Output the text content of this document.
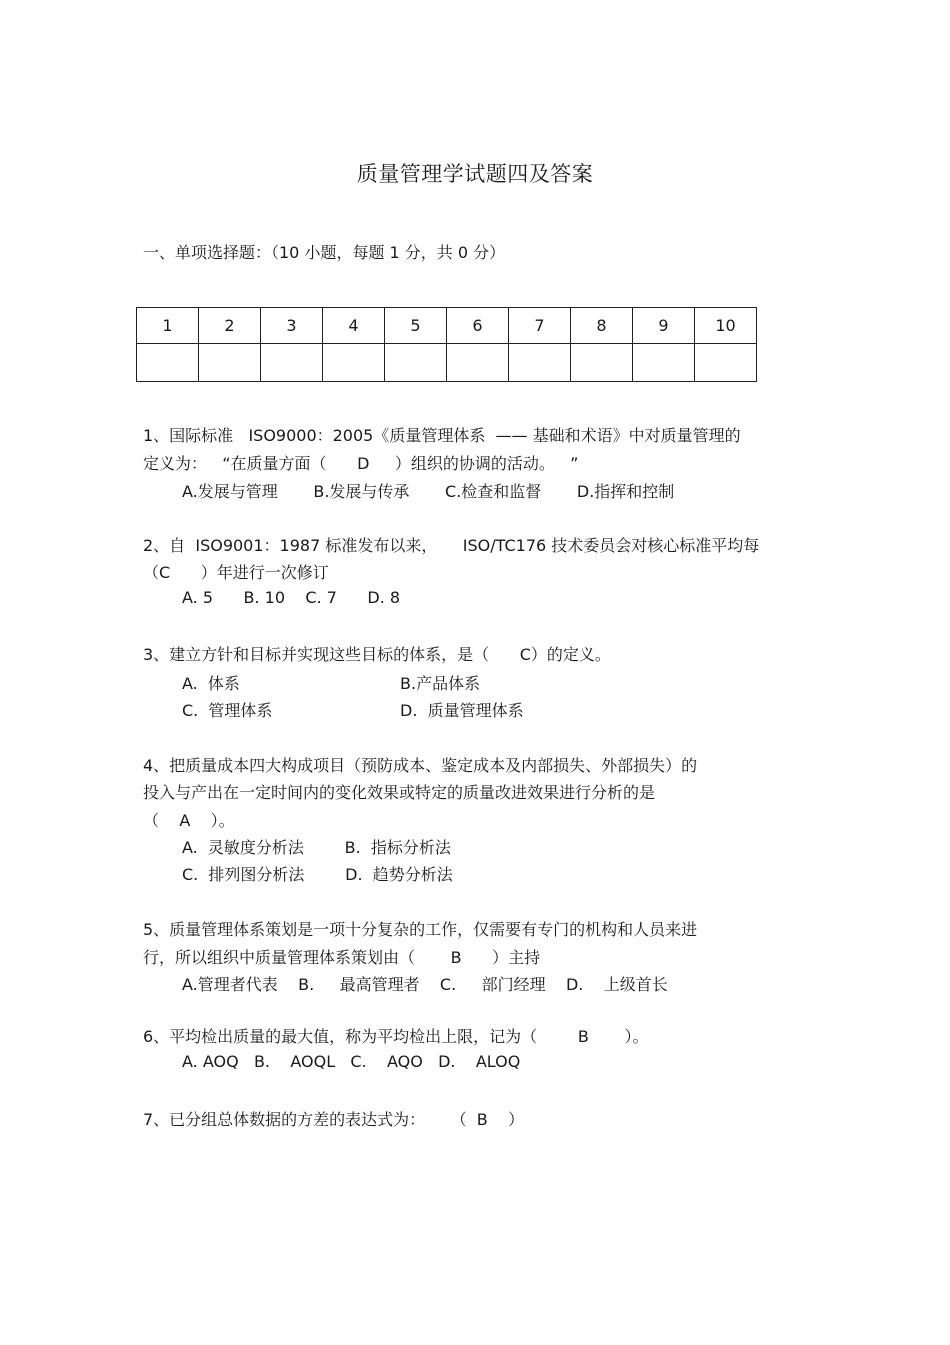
质量管理学试题四及答案
一、单项选择题：（10 小题，每题 1 分，共 0 分）
1	2	3	4	5	6	7	8	9	10

1、国际标准   ISO9000：2005《质量管理体系  —— 基础和术语》中对质量管理的
定义为：   “在质量方面（      D     ）组织的协调的活动。   ”
A.发展与管理       B.发展与传承       C.检查和监督       D.指挥和控制
2、自  ISO9001：1987 标准发布以来，     ISO/TC176 技术委员会对核心标准平均每
（C      ）年进行一次修订
A. 5      B. 10    C. 7      D. 8
3、建立方针和目标并实现这些目标的体系，是（      C）的定义。
A.  体系	B.产品体系
C.  管理体系	D.  质量管理体系
4、把质量成本四大构成项目（预防成本、鉴定成本及内部损失、外部损失）的
投入与产出在一定时间内的变化效果或特定的质量改进效果进行分析的是
（    A    ）。
A.  灵敏度分析法        B.  指标分析法
C.  排列图分析法        D.  趋势分析法
5、质量管理体系策划是一项十分复杂的工作，仅需要有专门的机构和人员来进
行，所以组织中质量管理体系策划由（       B      ）主持
A.管理者代表    B.     最高管理者    C.     部门经理    D.    上级首长
6、平均检出质量的最大值，称为平均检出上限，记为（        B       ）。
A. AOQ   B.    AOQL   C.    AQO   D.    ALOQ
7、已分组总体数据的方差的表达式为：     （  B    ）
